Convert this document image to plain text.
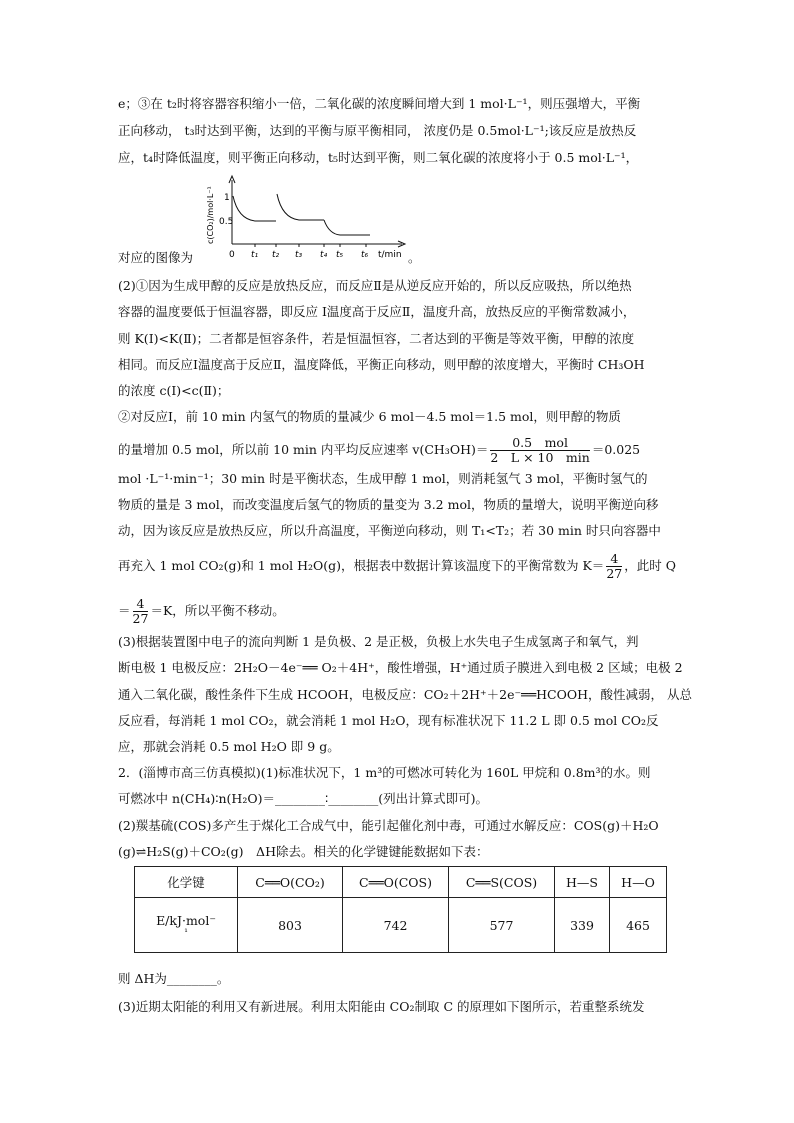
e；③在 t₂时将容器容积缩小一倍，二氧化碳的浓度瞬间增大到 1 mol·L⁻¹，则压强增大，平衡
正向移动， t₃时达到平衡，达到的平衡与原平衡相同， 浓度仍是 0.5mol·L⁻¹;该反应是放热反
应，t₄时降低温度，则平衡正向移动，t₅时达到平衡，则二氧化碳的浓度将小于 0.5 mol·L⁻¹，
c(CO₂)/mol·L⁻¹ 1
0.5
0 t₁ t₂ t₃ t₄ t₅ t₆ t/min
对应的图像为	。
(2)①因为生成甲醇的反应是放热反应，而反应Ⅱ是从逆反应开始的，所以反应吸热，所以绝热
容器的温度要低于恒温容器，即反应 Ⅰ温度高于反应Ⅱ，温度升高，放热反应的平衡常数减小，
则 K(Ⅰ)<K(Ⅱ)；二者都是恒容条件，若是恒温恒容，二者达到的平衡是等效平衡，甲醇的浓度
相同。而反应Ⅰ温度高于反应Ⅱ，温度降低，平衡正向移动，则甲醇的浓度增大，平衡时 CH₃OH
的浓度 c(Ⅰ)<c(Ⅱ)；
②对反应Ⅰ，前 10 min 内氢气的物质的量减少 6 mol－4.5 mol＝1.5 mol，则甲醇的物质
的量增加 0.5 mol，所以前 10 min 内平均反应速率 $v(CH_3OH)= \frac{\text{0.5　mol}}{2 L \times 10 \min} =0.025$
mol ·L⁻¹·min⁻¹；30 min 时是平衡状态，生成甲醇 1 mol，则消耗氢气 3 mol，平衡时氢气的
物质的量是 3 mol，而改变温度后氢气的物质的量变为 3.2 mol，物质的量增大，说明平衡逆向移
动，因为该反应是放热反应，所以升高温度，平衡逆向移动，则 T₁<T₂；若 30 min 时只向容器中
再充入 1 mol CO₂(g)和 1 mol H₂O(g)，根据表中数据计算该温度下的平衡常数为 $K= \frac{4}{27}$ ，此时 Q
＝ $\frac{4}{27} =K$，所以平衡不移动。
(3)根据装置图中电子的流向判断 1 是负极、2 是正极，负极上水失电子生成氢离子和氧气，判
断电极 1 电极反应：2H₂O－4e⁻══ O₂＋4H⁺，酸性增强，H⁺通过质子膜进入到电极 2 区域；电极 2
通入二氧化碳，酸性条件下生成 HCOOH，电极反应：CO₂＋2H⁺＋2e⁻══HCOOH，酸性减弱， 从总
反应看，每消耗 1 mol CO₂，就会消耗 1 mol H₂O，现有标准状况下 11.2 L 即 0.5 mol CO₂反
应，那就会消耗 0.5 mol H₂O 即 9 g。
2．(淄博市高三仿真模拟)(1)标准状况下，1 m³的可燃冰可转化为 160L 甲烷和 0.8m³的水。则
可燃冰中 n(CH₄)∶n(H₂O)＝________∶________(列出计算式即可)。
(2)羰基硫(COS)多产生于煤化工合成气中，能引起催化剂中毒，可通过水解反应：COS(g)＋H₂O
(g)⇌H₂S(g)＋CO₂(g)　ΔH除去。相关的化学键键能数据如下表：
化学键	C══O(CO₂)	C══O(COS)	C══S(COS)	H—S	H—O

E/kJ·mol⁻
¹	803	742	577	339	465
则 ΔH为________。
(3)近期太阳能的利用又有新进展。利用太阳能由 CO₂制取 C 的原理如下图所示，若重整系统发
